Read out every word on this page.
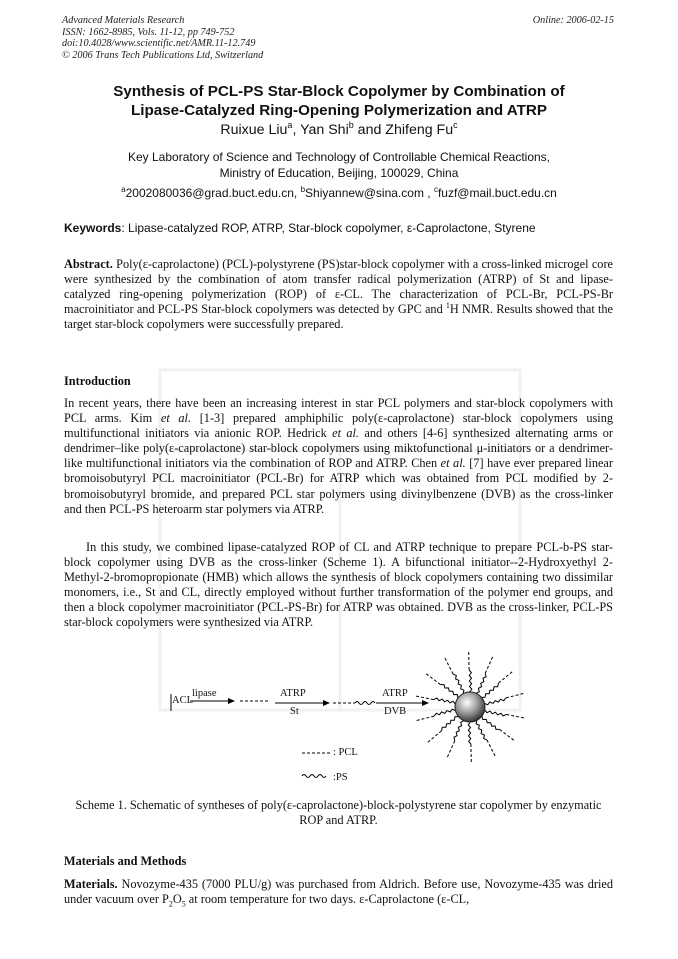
Advanced Materials Research
ISSN: 1662-8985, Vols. 11-12, pp 749-752
doi:10.4028/www.scientific.net/AMR.11-12.749
© 2006 Trans Tech Publications Ltd, Switzerland
Online: 2006-02-15
Synthesis of PCL-PS Star-Block Copolymer by Combination of
Lipase-Catalyzed Ring-Opening Polymerization and ATRP
Ruixue Liu$^a$, Yan Shi$^b$ and Zhifeng Fu$^c$
Key Laboratory of Science and Technology of Controllable Chemical Reactions,
Ministry of Education, Beijing, 100029, China
$^a$2002080036@grad.buct.edu.cn, $^b$Shiyannew@sina.com , $^c$fuzf@mail.buct.edu.cn
Keywords: Lipase-catalyzed ROP, ATRP, Star-block copolymer, ε-Caprolactone, Styrene
Abstract. Poly(ε-caprolactone) (PCL)-polystyrene (PS)star-block copolymer with a cross-linked microgel core were synthesized by the combination of atom transfer radical polymerization (ATRP) of St and lipase-catalyzed ring-opening polymerization (ROP) of ε-CL. The characterization of PCL-Br, PCL-PS-Br macroinitiator and PCL-PS Star-block copolymers was detected by GPC and $^1$H NMR. Results showed that the target star-block copolymers were successfully prepared.
Introduction
In recent years, there have been an increasing interest in star PCL polymers and star-block copolymers with PCL arms. Kim et al. [1-3] prepared amphiphilic poly(ε-caprolactone) star-block copolymers using multifunctional initiators via anionic ROP. Hedrick et al. and others [4-6] synthesized alternating arms or dendrimer–like poly(ε-caprolactone) star-block copolymers using miktofunctional μ-initiators or a dendrimer-like multifunctional initiators via the combination of ROP and ATRP. Chen et al. [7] have ever prepared linear bromoisobutyryl PCL macroinitiator (PCL-Br) for ATRP which was obtained from PCL modified by 2-bromoisobutyryl bromide, and prepared PCL star polymers using divinylbenzene (DVB) as the cross-linker and then PCL-PS heteroarm star polymers via ATRP.
In this study, we combined lipase-catalyzed ROP of CL and ATRP technique to prepare PCL-b-PS star-block copolymer using DVB as the cross-linker (Scheme 1). A bifunctional initiator--2-Hydroxyethyl 2-Methyl-2-bromopropionate (HMB) which allows the synthesis of block copolymers containing two dissimilar monomers, i.e., St and CL, directly employed without further transformation of the polymer end groups, and then a block copolymer macroinitiator (PCL-PS-Br) for ATRP was obtained. DVB as the cross-linker, PCL-PS star-block copolymers were synthesized via ATRP.
ACL
lipase	ATRP
St
ATRP
DVB
: PCL
:PS
Scheme 1. Schematic of syntheses of poly(ε-caprolactone)-block-polystyrene star copolymer by enzymatic ROP and ATRP.
Materials and Methods
Materials. Novozyme-435 (7000 PLU/g) was purchased from Aldrich. Before use, Novozyme-435 was dried under vacuum over $P_2O_5$ at room temperature for two days. ε-Caprolactone (ε-CL,
